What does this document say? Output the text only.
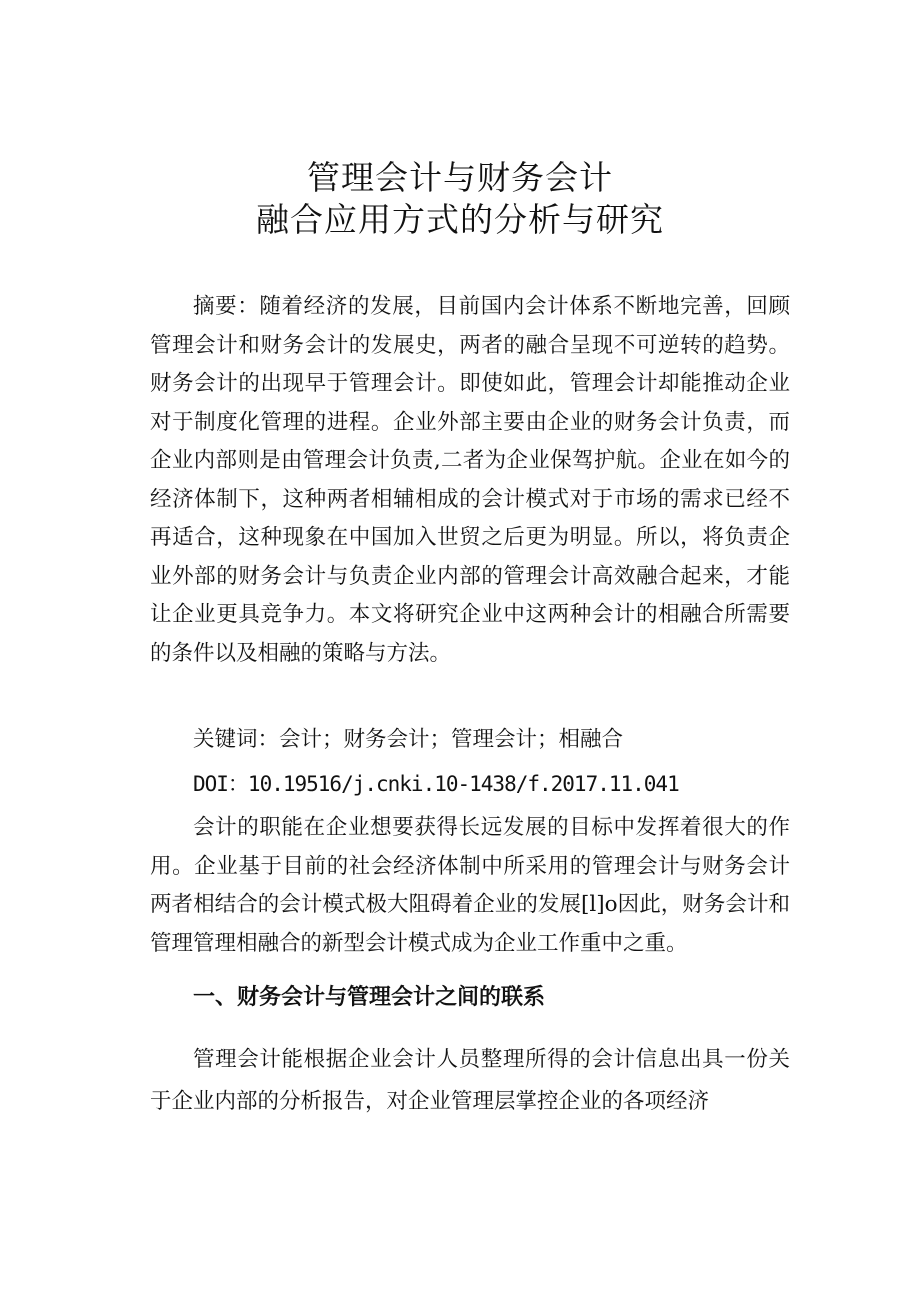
管理会计与财务会计
融合应用方式的分析与研究

摘要：随着经济的发展，目前国内会计体系不断地完善，回顾管理会计和财务会计的发展史，两者的融合呈现不可逆转的趋势。财务会计的出现早于管理会计。即使如此，管理会计却能推动企业对于制度化管理的进程。企业外部主要由企业的财务会计负责，而企业内部则是由管理会计负责,二者为企业保驾护航。企业在如今的经济体制下，这种两者相辅相成的会计模式对于市场的需求已经不再适合，这种现象在中国加入世贸之后更为明显。所以，将负责企业外部的财务会计与负责企业内部的管理会计高效融合起来，才能让企业更具竞争力。本文将研究企业中这两种会计的相融合所需要的条件以及相融的策略与方法。

关键词：会计；财务会计；管理会计；相融合

DOI：10.19516/j.cnki.10-1438/f.2017.11.041

会计的职能在企业想要获得长远发展的目标中发挥着很大的作用。企业基于目前的社会经济体制中所采用的管理会计与财务会计两者相结合的会计模式极大阻碍着企业的发展[l]o因此，财务会计和管理管理相融合的新型会计模式成为企业工作重中之重。

一、财务会计与管理会计之间的联系

管理会计能根据企业会计人员整理所得的会计信息出具一份关于企业内部的分析报告，对企业管理层掌控企业的各项经济
